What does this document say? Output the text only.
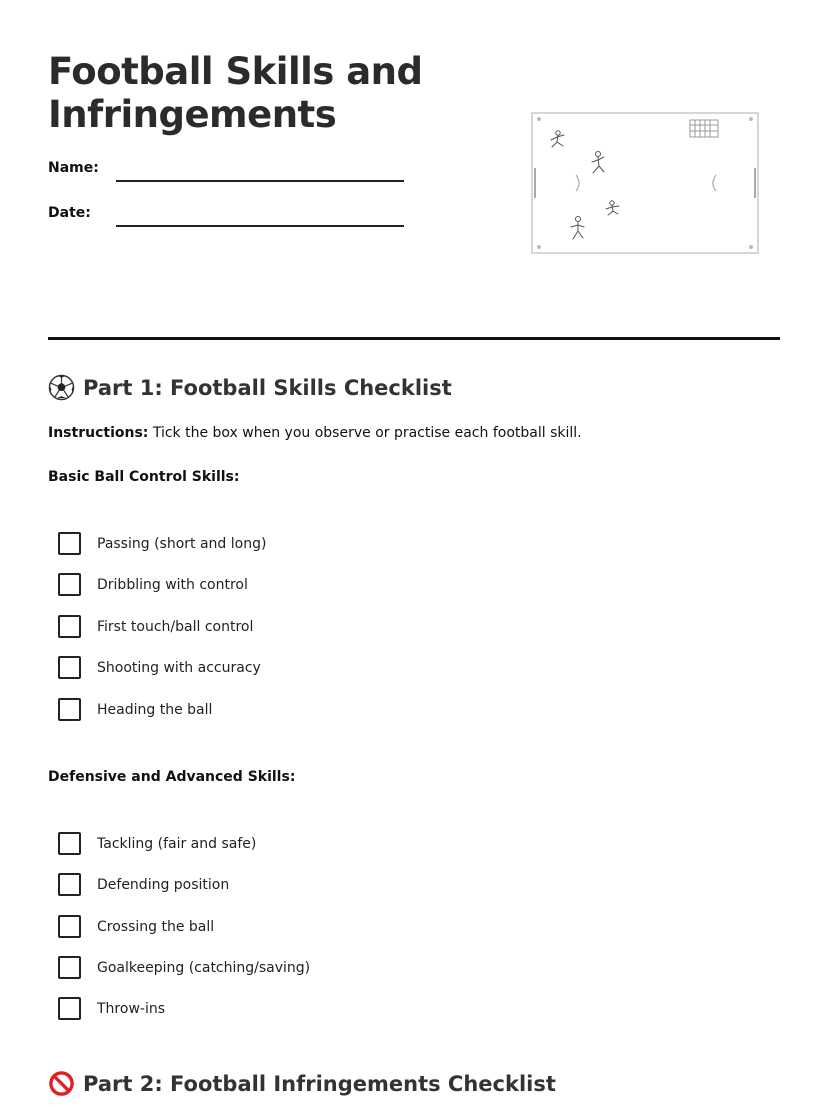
Football Skills and Infringements
Name:
Date:
Part 1: Football Skills Checklist
Instructions: Tick the box when you observe or practise each football skill.
Basic Ball Control Skills:
Passing (short and long)
Dribbling with control
First touch/ball control
Shooting with accuracy
Heading the ball
Defensive and Advanced Skills:
Tackling (fair and safe)
Defending position
Crossing the ball
Goalkeeping (catching/saving)
Throw-ins
Part 2: Football Infringements Checklist
